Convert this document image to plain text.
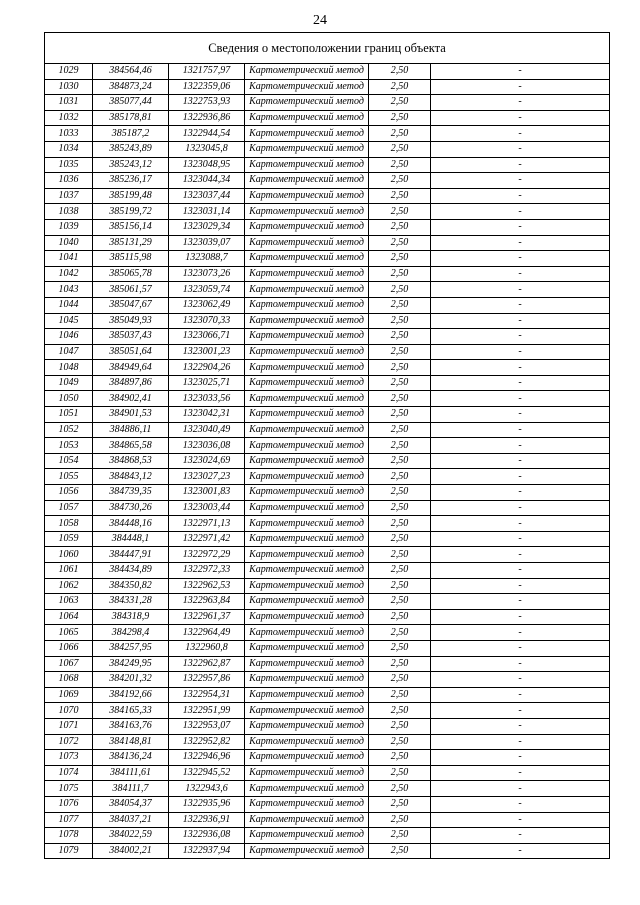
24
Сведения о местоположении границ объекта					
1029	384564,46	1321757,97	Картометрический метод	2,50	-
1030	384873,24	1322359,06	Картометрический метод	2,50	-
1031	385077,44	1322753,93	Картометрический метод	2,50	-
1032	385178,81	1322936,86	Картометрический метод	2,50	-
1033	385187,2	1322944,54	Картометрический метод	2,50	-
1034	385243,89	1323045,8	Картометрический метод	2,50	-
1035	385243,12	1323048,95	Картометрический метод	2,50	-
1036	385236,17	1323044,34	Картометрический метод	2,50	-
1037	385199,48	1323037,44	Картометрический метод	2,50	-
1038	385199,72	1323031,14	Картометрический метод	2,50	-
1039	385156,14	1323029,34	Картометрический метод	2,50	-
1040	385131,29	1323039,07	Картометрический метод	2,50	-
1041	385115,98	1323088,7	Картометрический метод	2,50	-
1042	385065,78	1323073,26	Картометрический метод	2,50	-
1043	385061,57	1323059,74	Картометрический метод	2,50	-
1044	385047,67	1323062,49	Картометрический метод	2,50	-
1045	385049,93	1323070,33	Картометрический метод	2,50	-
1046	385037,43	1323066,71	Картометрический метод	2,50	-
1047	385051,64	1323001,23	Картометрический метод	2,50	-
1048	384949,64	1322904,26	Картометрический метод	2,50	-
1049	384897,86	1323025,71	Картометрический метод	2,50	-
1050	384902,41	1323033,56	Картометрический метод	2,50	-
1051	384901,53	1323042,31	Картометрический метод	2,50	-
1052	384886,11	1323040,49	Картометрический метод	2,50	-
1053	384865,58	1323036,08	Картометрический метод	2,50	-
1054	384868,53	1323024,69	Картометрический метод	2,50	-
1055	384843,12	1323027,23	Картометрический метод	2,50	-
1056	384739,35	1323001,83	Картометрический метод	2,50	-
1057	384730,26	1323003,44	Картометрический метод	2,50	-
1058	384448,16	1322971,13	Картометрический метод	2,50	-
1059	384448,1	1322971,42	Картометрический метод	2,50	-
1060	384447,91	1322972,29	Картометрический метод	2,50	-
1061	384434,89	1322972,33	Картометрический метод	2,50	-
1062	384350,82	1322962,53	Картометрический метод	2,50	-
1063	384331,28	1322963,84	Картометрический метод	2,50	-
1064	384318,9	1322961,37	Картометрический метод	2,50	-
1065	384298,4	1322964,49	Картометрический метод	2,50	-
1066	384257,95	1322960,8	Картометрический метод	2,50	-
1067	384249,95	1322962,87	Картометрический метод	2,50	-
1068	384201,32	1322957,86	Картометрический метод	2,50	-
1069	384192,66	1322954,31	Картометрический метод	2,50	-
1070	384165,33	1322951,99	Картометрический метод	2,50	-
1071	384163,76	1322953,07	Картометрический метод	2,50	-
1072	384148,81	1322952,82	Картометрический метод	2,50	-
1073	384136,24	1322946,96	Картометрический метод	2,50	-
1074	384111,61	1322945,52	Картометрический метод	2,50	-
1075	384111,7	1322943,6	Картометрический метод	2,50	-
1076	384054,37	1322935,96	Картометрический метод	2,50	-
1077	384037,21	1322936,91	Картометрический метод	2,50	-
1078	384022,59	1322936,08	Картометрический метод	2,50	-
1079	384002,21	1322937,94	Картометрический метод	2,50	-
